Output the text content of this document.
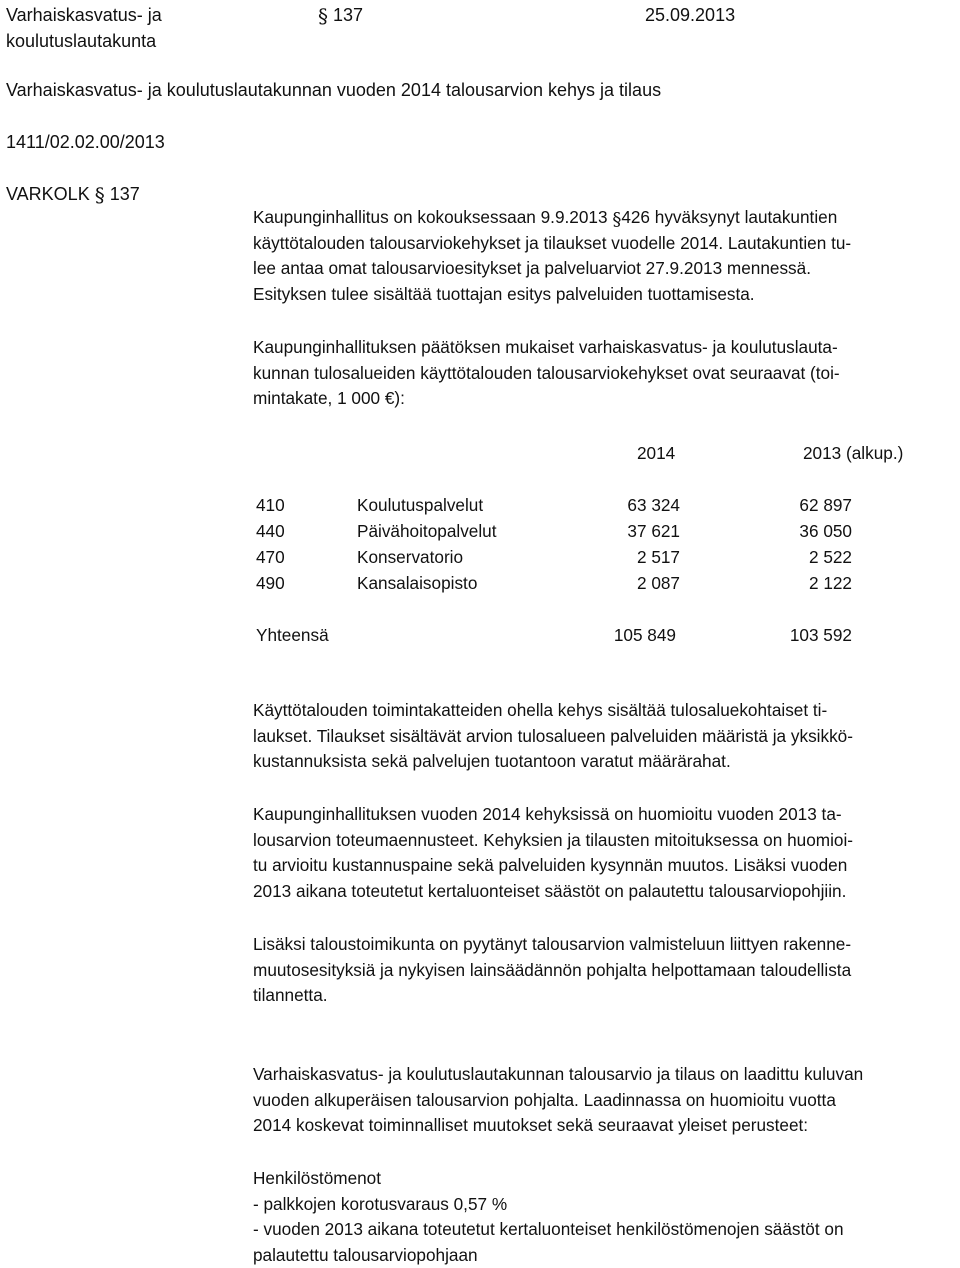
Varhaiskasvatus- ja
koulutuslautakunta
§ 137	25.09.2013
Varhaiskasvatus- ja koulutuslautakunnan vuoden 2014 talousarvion kehys ja tilaus
1411/02.02.00/2013
VARKOLK § 137
Kaupunginhallitus on kokouksessaan 9.9.2013 §426 hyväksynyt lautakuntien
käyttötalouden talousarviokehykset ja tilaukset vuodelle 2014. Lautakuntien tu-
lee antaa omat talousarvioesitykset ja palveluarviot 27.9.2013 mennessä.
Esityksen tulee sisältää tuottajan esitys palveluiden tuottamisesta.
Kaupunginhallituksen päätöksen mukaiset varhaiskasvatus- ja koulutuslauta-
kunnan tulosalueiden käyttötalouden talousarviokehykset ovat seuraavat (toi-
mintakate, 1 000 €):
2014	2013 (alkup.)
410	Koulutuspalvelut	63 324	62 897
440	Päivähoitopalvelut	37 621	36 050
470	Konservatorio	2 517	2 522
490	Kansalaisopisto	2 087	2 122
Yhteensä	105 849	103 592
Käyttötalouden toimintakatteiden ohella kehys sisältää tulosaluekohtaiset ti-
laukset. Tilaukset sisältävät arvion tulosalueen palveluiden määristä ja yksikkö-
kustannuksista sekä palvelujen tuotantoon varatut määrärahat.
Kaupunginhallituksen vuoden 2014 kehyksissä on huomioitu vuoden 2013 ta-
lousarvion toteumaennusteet. Kehyksien ja tilausten mitoituksessa on huomioi-
tu arvioitu kustannuspaine sekä palveluiden kysynnän muutos. Lisäksi vuoden
2013 aikana toteutetut kertaluonteiset säästöt on palautettu talousarviopohjiin.
Lisäksi taloustoimikunta on pyytänyt talousarvion valmisteluun liittyen rakenne-
muutosesityksiä ja nykyisen lainsäädännön pohjalta helpottamaan taloudellista
tilannetta.
Varhaiskasvatus- ja koulutuslautakunnan talousarvio ja tilaus on laadittu kuluvan
vuoden alkuperäisen talousarvion pohjalta. Laadinnassa on huomioitu vuotta
2014 koskevat toiminnalliset muutokset sekä seuraavat yleiset perusteet:
Henkilöstömenot
- palkkojen korotusvaraus 0,57 %
- vuoden 2013 aikana toteutetut kertaluonteiset henkilöstömenojen säästöt on
palautettu talousarviopohjaan
